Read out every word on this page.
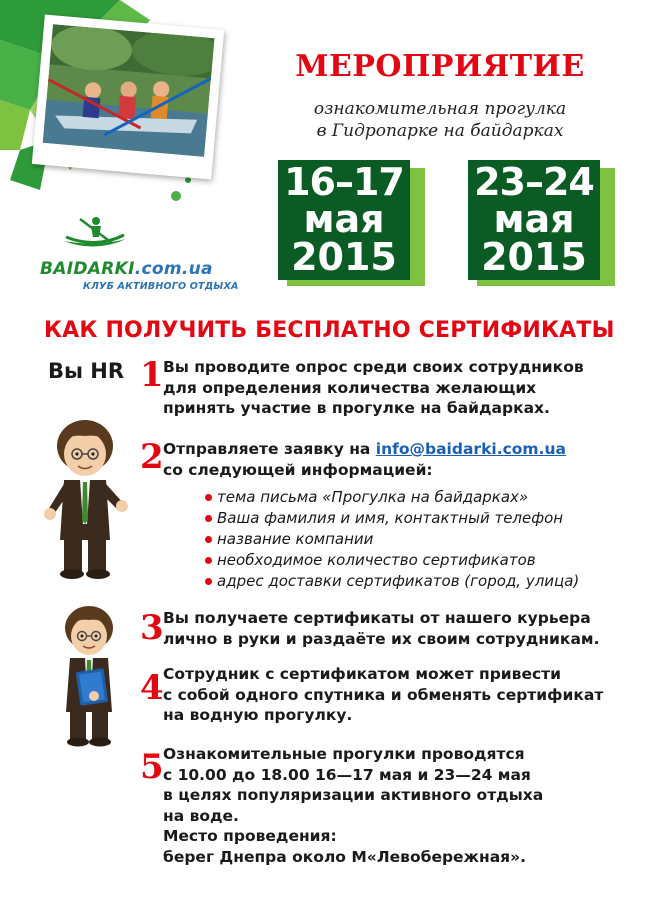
BAIDARKI.com.ua
КЛУБ АКТИВНОГО ОТДЫХА
МЕРОПРИЯТИЕ
ознакомительная прогулка
в Гидропарке на байдарках
16–17
мая
2015
23–24
мая
2015
КАК ПОЛУЧИТЬ БЕСПЛАТНО СЕРТИФИКАТЫ
Вы HR 1 Вы проводите опрос среди своих сотрудников
для определения количества желающих
принять участие в прогулке на байдарках.
2 Отправляете заявку на info@baidarki.com.ua
со следующей информацией:
тема письма «Прогулка на байдарках»
Ваша фамилия и имя, контактный телефон
название компании
необходимое количество сертификатов
адрес доставки сертификатов (город, улица)
3 Вы получаете сертификаты от нашего курьера
лично в руки и раздаёте их своим сотрудникам.
4 Сотрудник с сертификатом может привести
с собой одного спутника и обменять сертификат
на водную прогулку.
5 Ознакомительные прогулки проводятся
с 10.00 до 18.00 16—17 мая и 23—24 мая
в целях популяризации активного отдыха
на воде.
Место проведения:
берег Днепра около М«Левобережная».
